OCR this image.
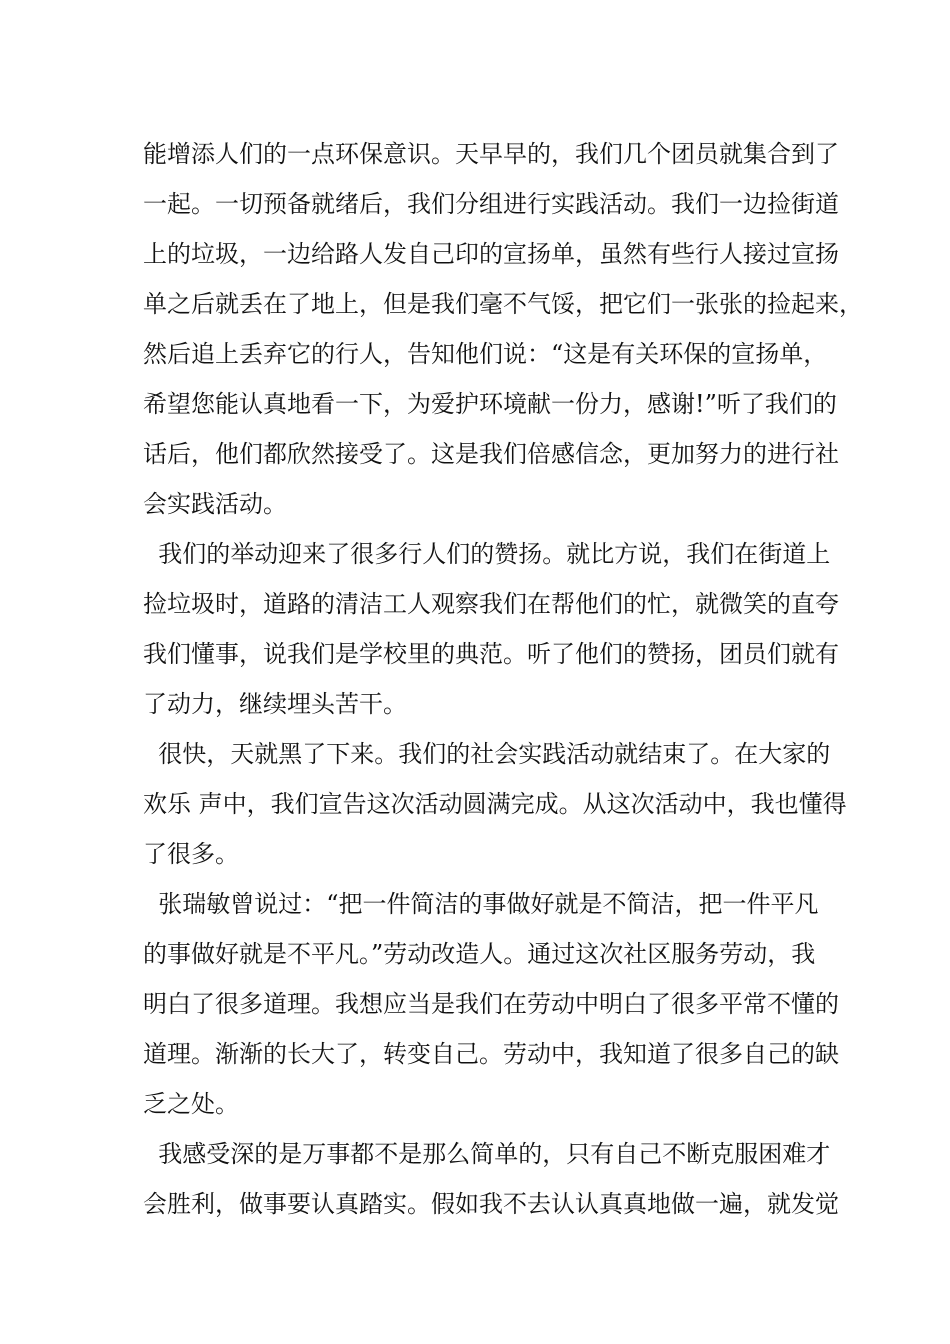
能增添人们的一点环保意识。天早早的，我们几个团员就集合到了
一起。一切预备就绪后，我们分组进行实践活动。我们一边捡街道
上的垃圾，一边给路人发自己印的宣扬单，虽然有些行人接过宣扬
单之后就丢在了地上，但是我们毫不气馁，把它们一张张的捡起来，
然后追上丢弃它的行人，告知他们说：“这是有关环保的宣扬单，
希望您能认真地看一下，为爱护环境献一份力，感谢!”听了我们的
话后，他们都欣然接受了。这是我们倍感信念，更加努力的进行社
会实践活动。
我们的举动迎来了很多行人们的赞扬。就比方说，我们在街道上
捡垃圾时，道路的清洁工人观察我们在帮他们的忙，就微笑的直夸
我们懂事，说我们是学校里的典范。听了他们的赞扬，团员们就有
了动力，继续埋头苦干。
很快，天就黑了下来。我们的社会实践活动就结束了。在大家的
欢乐 声中，我们宣告这次活动圆满完成。从这次活动中，我也懂得
了很多。
张瑞敏曾说过：“把一件简洁的事做好就是不简洁，把一件平凡
的事做好就是不平凡。”劳动改造人。通过这次社区服务劳动，我
明白了很多道理。我想应当是我们在劳动中明白了很多平常不懂的
道理。渐渐的长大了，转变自己。劳动中，我知道了很多自己的缺
乏之处。
我感受深的是万事都不是那么简单的，只有自己不断克服困难才
会胜利，做事要认真踏实。假如我不去认认真真地做一遍，就发觉
